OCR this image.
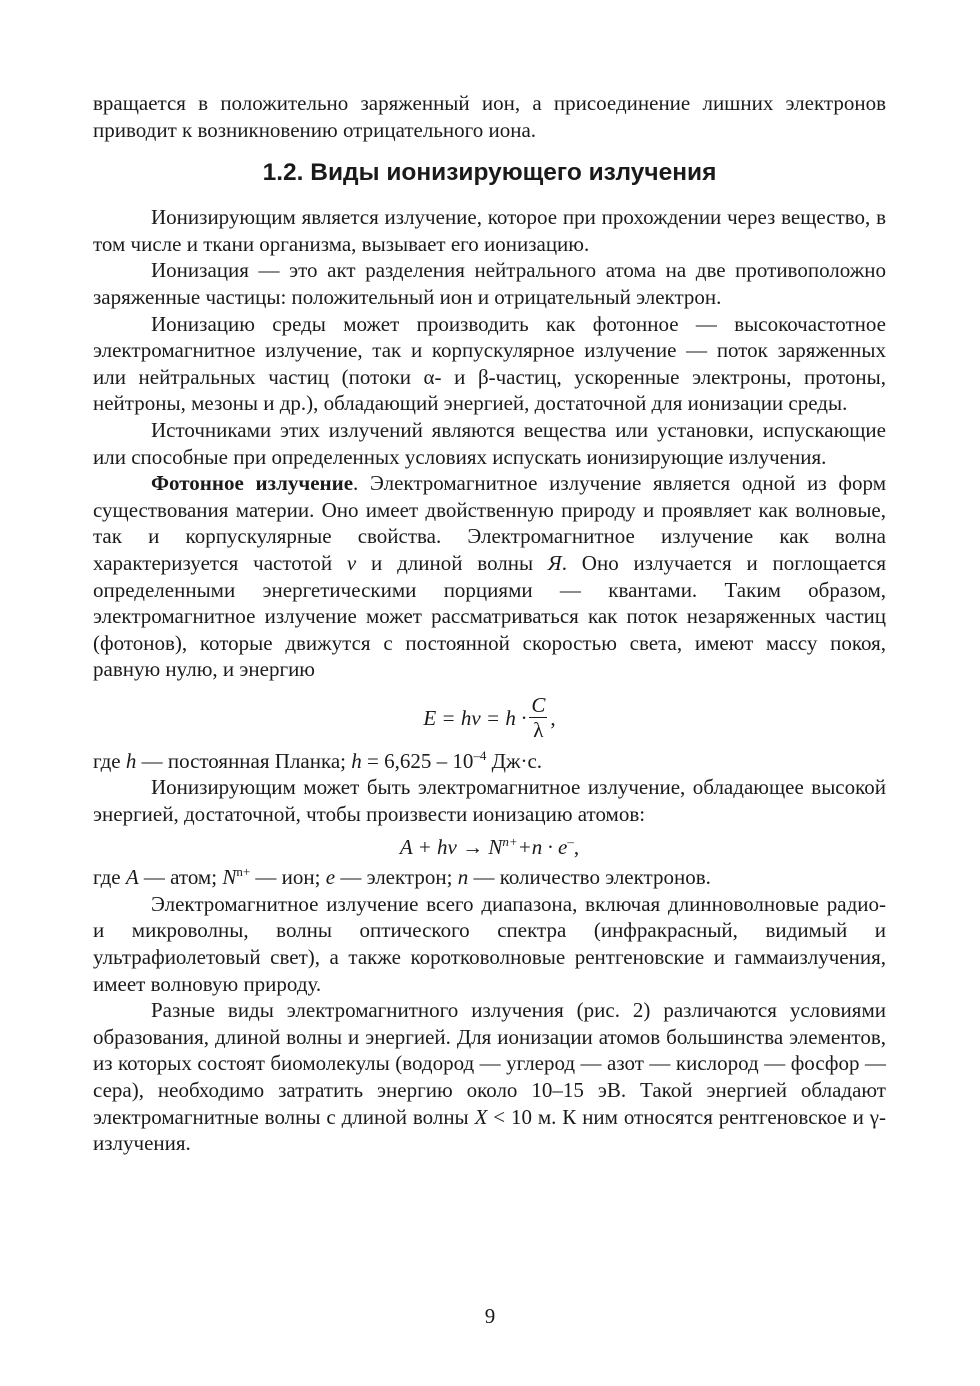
вращается в положительно заряженный ион, а присоединение лишних электронов приводит к возникновению отрицательного иона.

1.2. Виды ионизирующего излучения

Ионизирующим является излучение, которое при прохождении через вещество, в том числе и ткани организма, вызывает его ионизацию.

Ионизация — это акт разделения нейтрального атома на две противоположно заряженные частицы: положительный ион и отрицательный электрон.

Ионизацию среды может производить как фотонное — высокочастотное электромагнитное излучение, так и корпускулярное излучение — поток заряженных или нейтральных частиц (потоки α- и β-частиц, ускоренные электроны, протоны, нейтроны, мезоны и др.), обладающий энергией, достаточной для ионизации среды.

Источниками этих излучений являются вещества или установки, испускающие или способные при определенных условиях испускать ионизирующие излучения.

Фотонное излучение. Электромагнитное излучение является одной из форм существования материи. Оно имеет двойственную природу и проявляет как волновые, так и корпускулярные свойства. Электромагнитное излучение как волна характеризуется частотой ν и длиной волны Я. Оно излучается и поглощается определенными энергетическими порциями — квантами. Таким образом, электромагнитное излучение может рассматриваться как поток незаряженных частиц (фотонов), которые движутся с постоянной скоростью света, имеют массу покоя, равную нулю, и энергию

$E = h\nu = h \cdot \frac{C}{\lambda}$ ,

где h — постоянная Планка; $h = 6,625 - 10^{-4}$ Дж·с.

Ионизирующим может быть электромагнитное излучение, обладающее высокой энергией, достаточной, чтобы произвести ионизацию атомов:

$A + h\nu \to N^{n+}+n \cdot e^-$,

где A — атом; $N^{n+}$ — ион; e — электрон; n — количество электронов.

Электромагнитное излучение всего диапазона, включая длинноволновые радио- и микроволны, волны оптического спектра (инфракрасный, видимый и ультрафиолетовый свет), а также коротковолновые рентгеновские и гаммаизлучения, имеет волновую природу.

Разные виды электромагнитного излучения (рис. 2) различаются условиями образования, длиной волны и энергией. Для ионизации атомов большинства элементов, из которых состоят биомолекулы (водород — углерод — азот — кислород — фосфор — сера), необходимо затратить энергию около 10–15 эВ. Такой энергией обладают электромагнитные волны с длиной волны X < 10 м. К ним относятся рентгеновское и γ-излучения.

9
